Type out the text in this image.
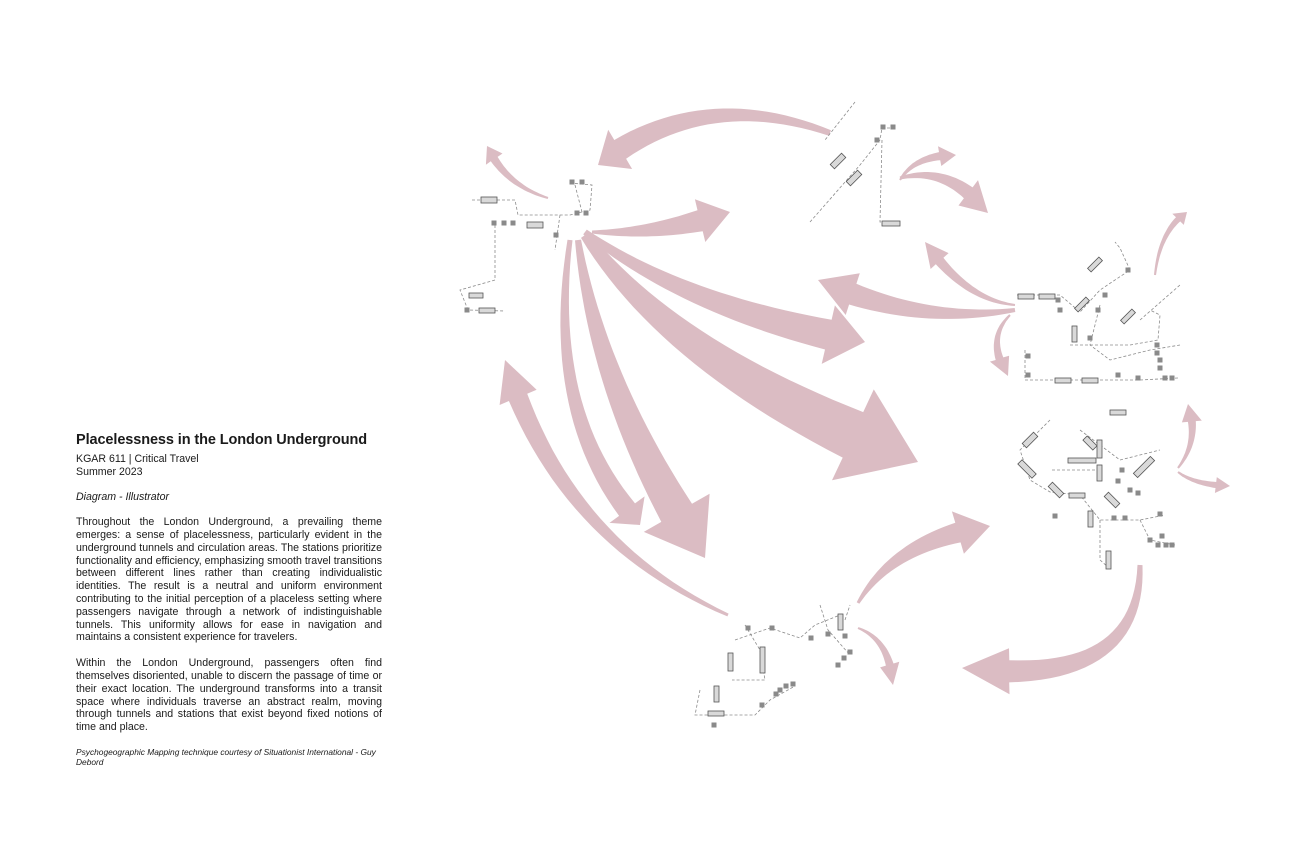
Placelessness in the London Underground
KGAR 611 | Critical Travel
Summer 2023
Diagram - Illustrator

Throughout the London Underground, a prevailing theme emerges: a sense of placelessness, particularly evident in the underground tunnels and circulation areas. The stations prioritize functionality and efficiency, emphasizing smooth travel transitions between different lines rather than creating individualistic identities. The result is a neutral and uniform environment contributing to the initial perception of a placeless setting where passengers navigate through a network of indistinguishable tunnels. This uniformity allows for ease in navigation and maintains a consistent experience for travelers.

Within the London Underground, passengers often find themselves disoriented, unable to discern the passage of time or their exact location. The underground transforms into a transit space where individuals traverse an abstract realm, moving through tunnels and stations that exist beyond fixed notions of time and place.

Psychogeographic Mapping technique courtesy of Situationist International - Guy Debord
